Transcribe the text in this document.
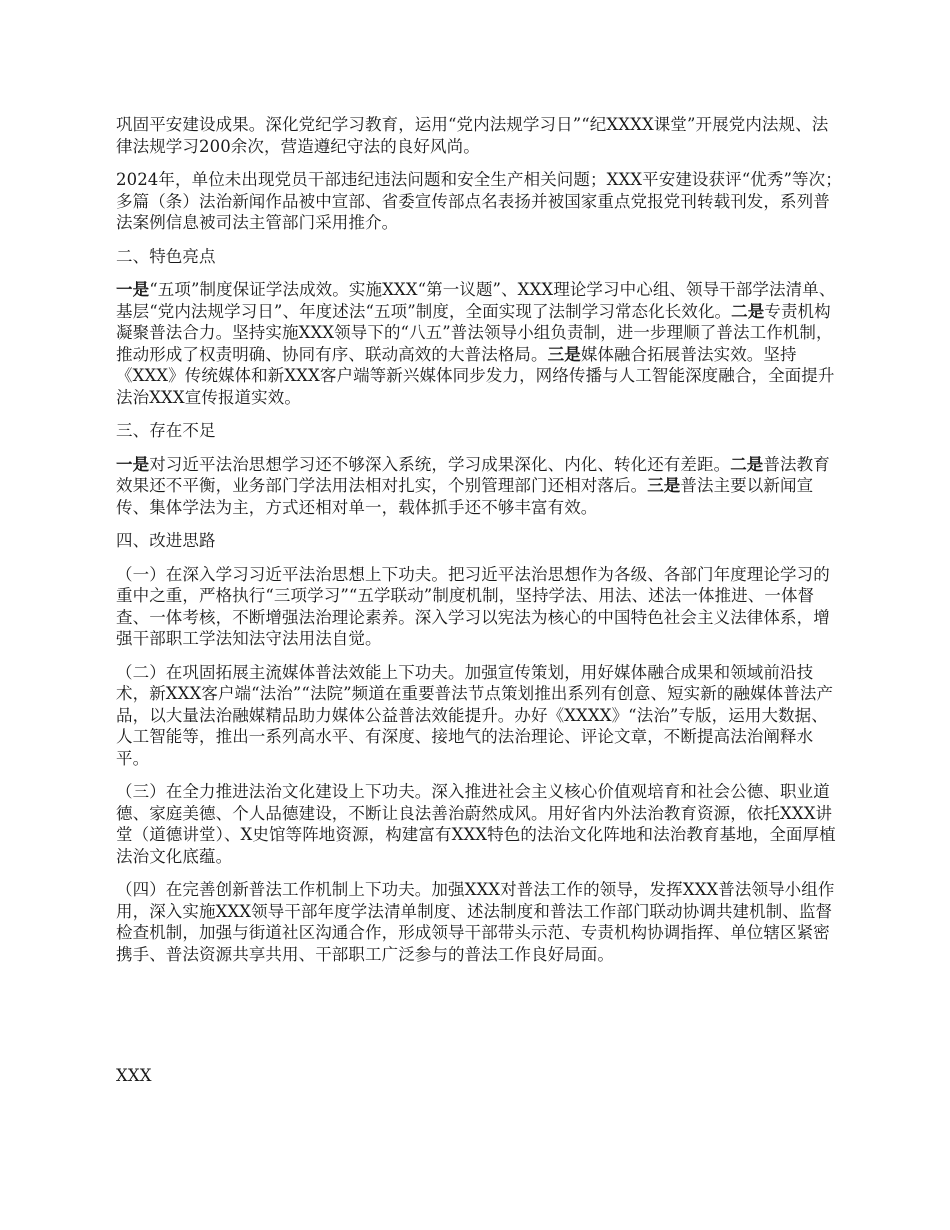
巩固平安建设成果。深化党纪学习教育，运用“党内法规学习日”“纪XXXX课堂”开展党内法规、法律法规学习200余次，营造遵纪守法的良好风尚。

2024年，单位未出现党员干部违纪违法问题和安全生产相关问题；XXX平安建设获评“优秀”等次；多篇（条）法治新闻作品被中宣部、省委宣传部点名表扬并被国家重点党报党刊转载刊发，系列普法案例信息被司法主管部门采用推介。

二、特色亮点

一是“五项”制度保证学法成效。实施XXX“第一议题”、XXX理论学习中心组、领导干部学法清单、基层“党内法规学习日”、年度述法“五项”制度，全面实现了法制学习常态化长效化。二是专责机构凝聚普法合力。坚持实施XXX领导下的“八五”普法领导小组负责制，进一步理顺了普法工作机制，推动形成了权责明确、协同有序、联动高效的大普法格局。三是媒体融合拓展普法实效。坚持《XXX》传统媒体和新XXX客户端等新兴媒体同步发力，网络传播与人工智能深度融合，全面提升法治XXX宣传报道实效。

三、存在不足

一是对习近平法治思想学习还不够深入系统，学习成果深化、内化、转化还有差距。二是普法教育效果还不平衡，业务部门学法用法相对扎实，个别管理部门还相对落后。三是普法主要以新闻宣传、集体学法为主，方式还相对单一，载体抓手还不够丰富有效。

四、改进思路

（一）在深入学习习近平法治思想上下功夫。把习近平法治思想作为各级、各部门年度理论学习的重中之重，严格执行“三项学习”“五学联动”制度机制，坚持学法、用法、述法一体推进、一体督查、一体考核，不断增强法治理论素养。深入学习以宪法为核心的中国特色社会主义法律体系，增强干部职工学法知法守法用法自觉。

（二）在巩固拓展主流媒体普法效能上下功夫。加强宣传策划，用好媒体融合成果和领域前沿技术，新XXX客户端“法治”“法院”频道在重要普法节点策划推出系列有创意、短实新的融媒体普法产品，以大量法治融媒精品助力媒体公益普法效能提升。办好《XXXX》“法治”专版，运用大数据、人工智能等，推出一系列高水平、有深度、接地气的法治理论、评论文章，不断提高法治阐释水平。

（三）在全力推进法治文化建设上下功夫。深入推进社会主义核心价值观培育和社会公德、职业道德、家庭美德、个人品德建设，不断让良法善治蔚然成风。用好省内外法治教育资源，依托XXX讲堂（道德讲堂）、X史馆等阵地资源，构建富有XXX特色的法治文化阵地和法治教育基地，全面厚植法治文化底蕴。

（四）在完善创新普法工作机制上下功夫。加强XXX对普法工作的领导，发挥XXX普法领导小组作用，深入实施XXX领导干部年度学法清单制度、述法制度和普法工作部门联动协调共建机制、监督检查机制，加强与街道社区沟通合作，形成领导干部带头示范、专责机构协调指挥、单位辖区紧密携手、普法资源共享共用、干部职工广泛参与的普法工作良好局面。

XXX
